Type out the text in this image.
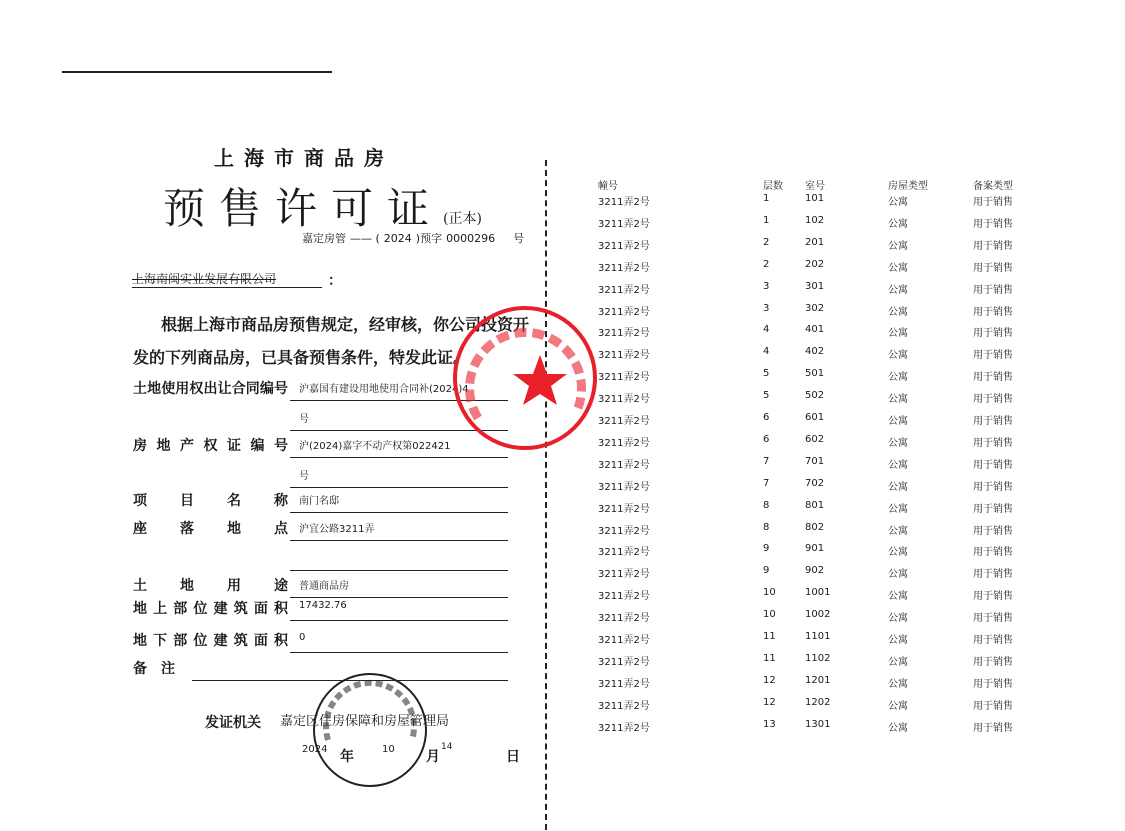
上海市商品房
预售许可证(正本)
嘉定房管 —— ( 2024 )预字 0000296 号
上海南闽实业发展有限公司	：
根据上海市商品房预售规定，经审核，你公司投资开发的下列商品房，已具备预售条件，特发此证。
土地使用权出让合同编号 沪嘉国有建设用地使用合同补(2024)4
号
房地产权证编号 沪(2024)嘉字不动产权第022421
号
项目名称 南门名邸
座落地点 沪宜公路3211弄
土地用途 普通商品房
地上部位建筑面积 17432.76
地下部位建筑面积 0
备注
发证机关 嘉定区住房保障和房屋管理局
2024 年	10 月
14
日
幢号	层数 室号	房屋类型	备案类型
3211弄2号	1	101	公寓	用于销售
3211弄2号	1	102	公寓	用于销售
3211弄2号	2	201	公寓	用于销售
3211弄2号	2	202	公寓	用于销售
3211弄2号	3	301	公寓	用于销售
3211弄2号	3	302	公寓	用于销售
3211弄2号	4	401	公寓	用于销售
3211弄2号	4	402	公寓	用于销售
3211弄2号	5	501	公寓	用于销售
3211弄2号	5	502	公寓	用于销售
3211弄2号	6	601	公寓	用于销售
3211弄2号	6	602	公寓	用于销售
3211弄2号	7	701	公寓	用于销售
3211弄2号	7	702	公寓	用于销售
3211弄2号	8	801	公寓	用于销售
3211弄2号	8	802	公寓	用于销售
3211弄2号	9	901	公寓	用于销售
3211弄2号	9	902	公寓	用于销售
3211弄2号	10	1001	公寓	用于销售
3211弄2号	10	1002	公寓	用于销售
3211弄2号	11	1101	公寓	用于销售
3211弄2号	11	1102	公寓	用于销售
3211弄2号	12	1201	公寓	用于销售
3211弄2号	12	1202	公寓	用于销售
3211弄2号	13	1301	公寓	用于销售
